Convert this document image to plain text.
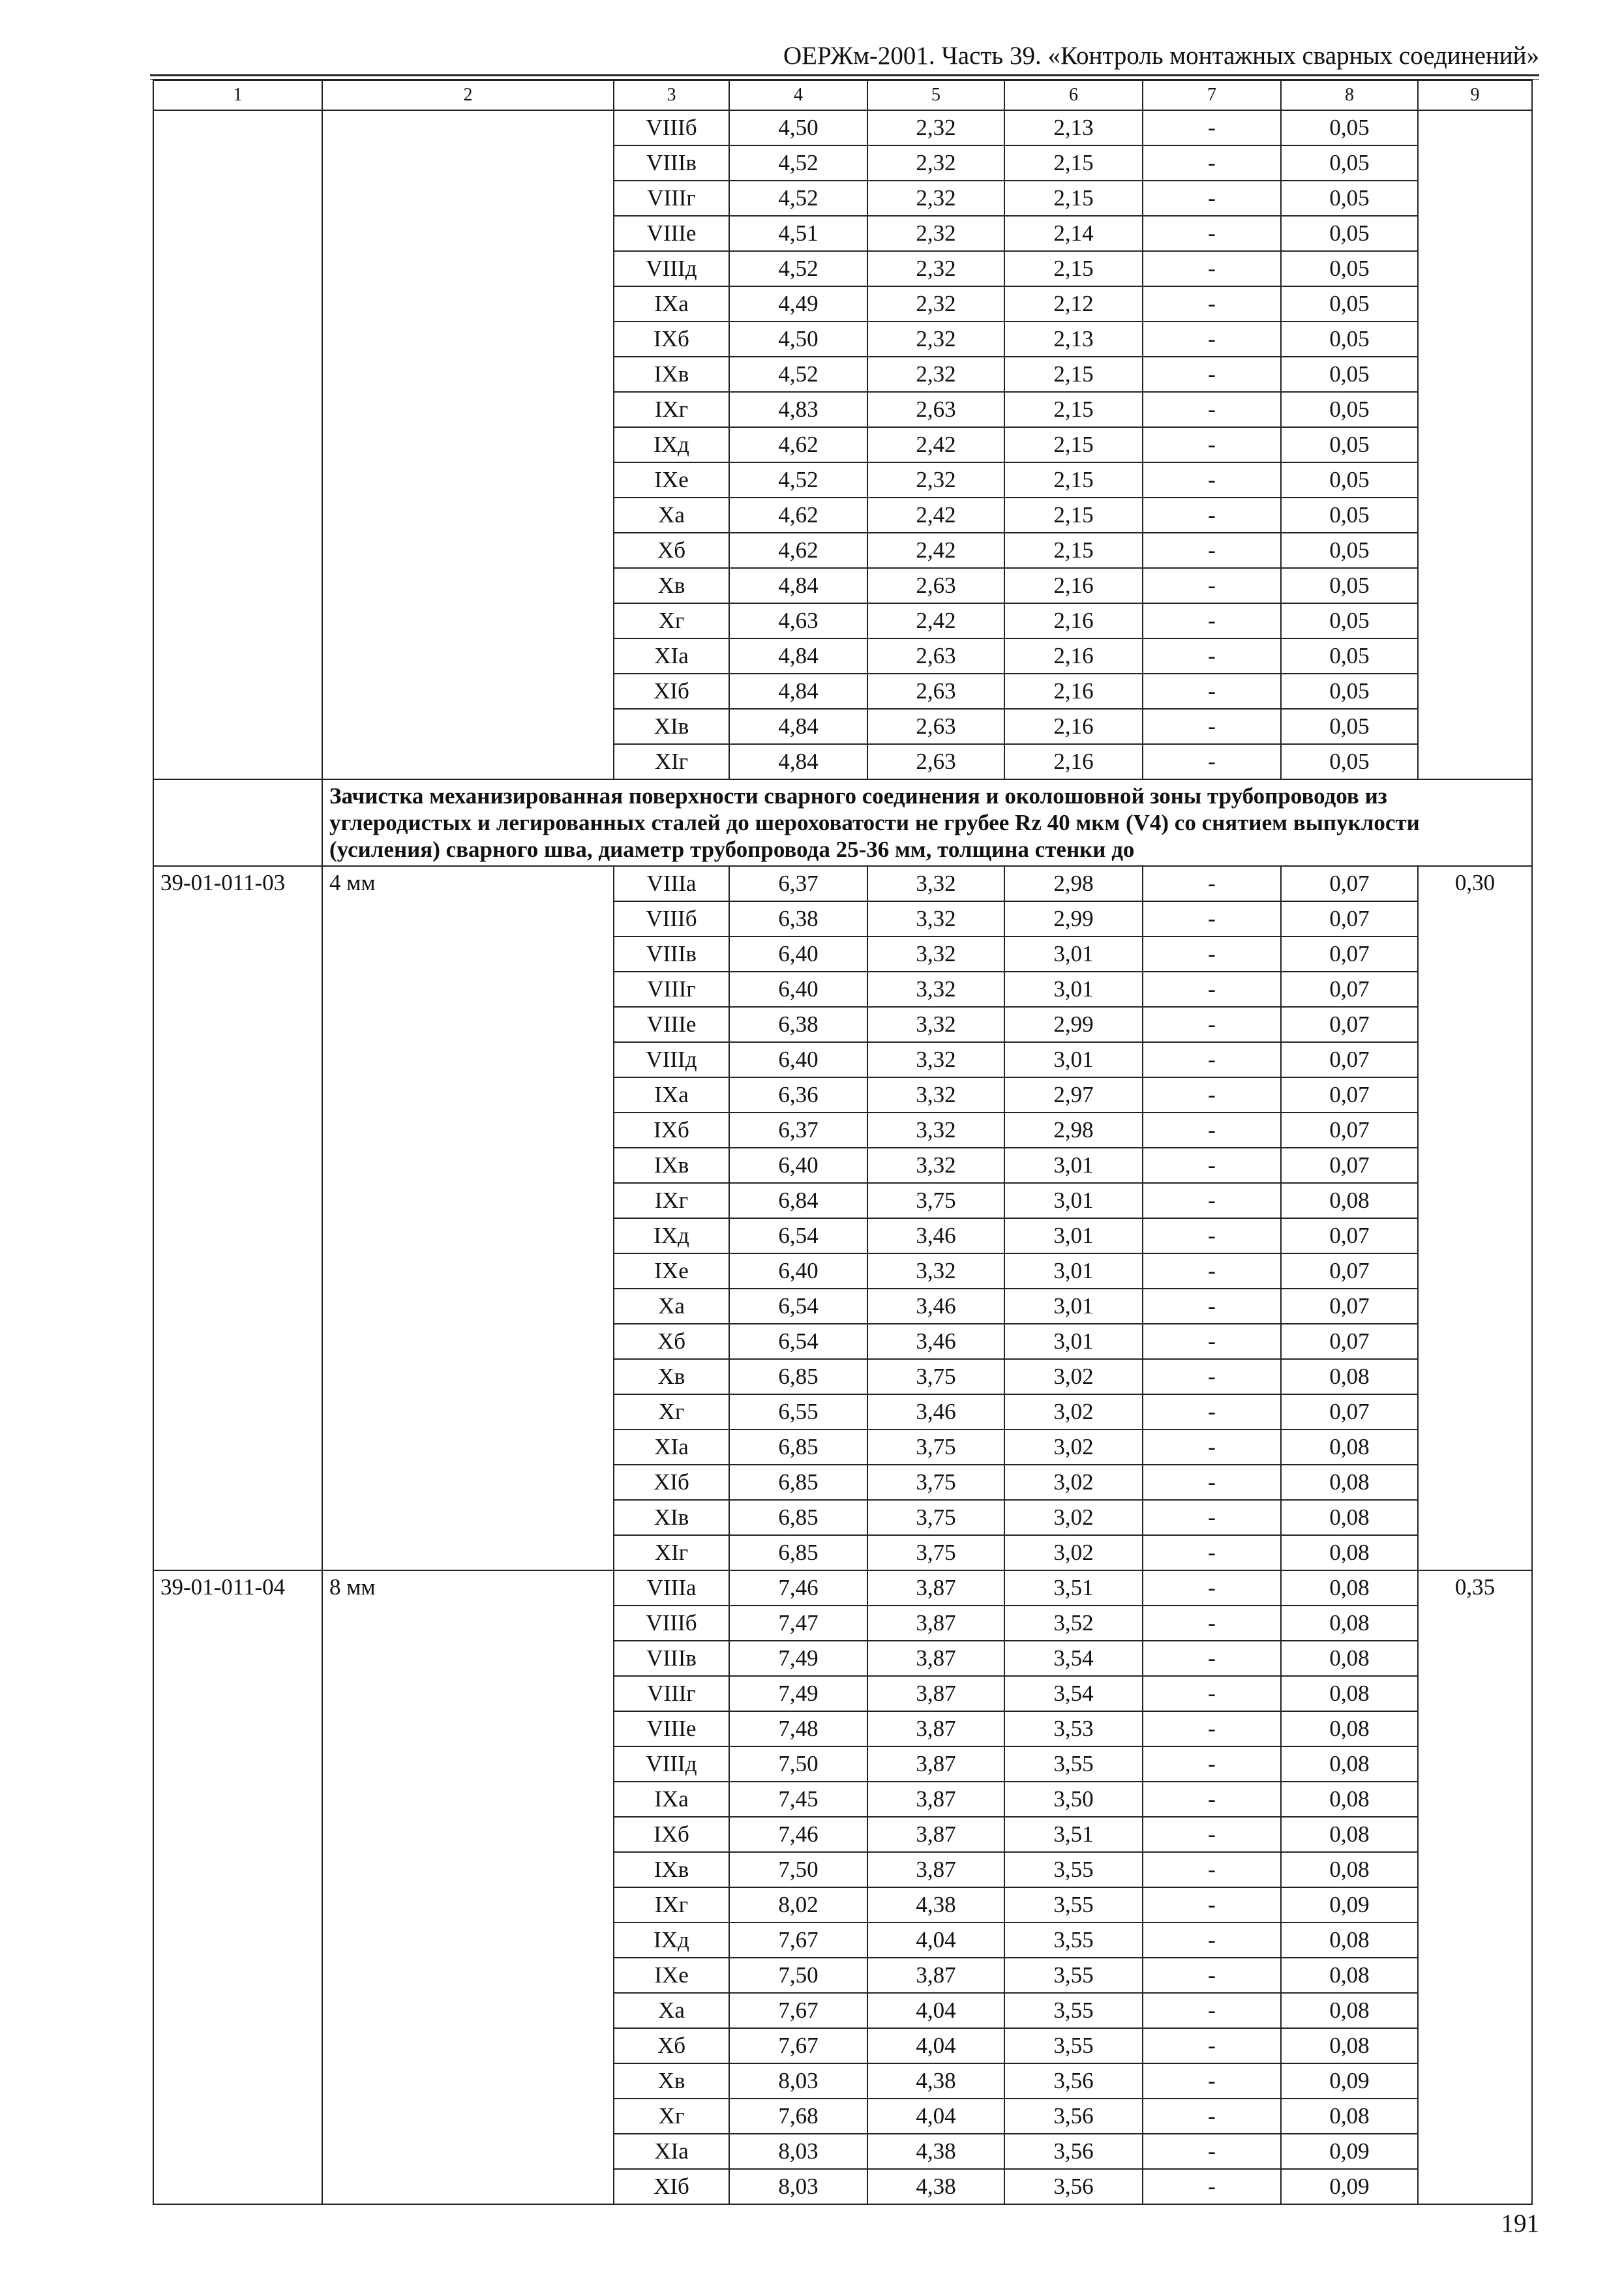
ОЕРЖм-2001. Часть 39. «Контроль монтажных сварных соединений»
1	2	3	4	5	6	7	8	9
		VIIIб	4,50	2,32	2,13	-	0,05	
		VIIIв	4,52	2,32	2,15	-	0,05	
		VIIIг	4,52	2,32	2,15	-	0,05	
		VIIIе	4,51	2,32	2,14	-	0,05	
		VIIIд	4,52	2,32	2,15	-	0,05	
		IXа	4,49	2,32	2,12	-	0,05	
		IXб	4,50	2,32	2,13	-	0,05	
		IXв	4,52	2,32	2,15	-	0,05	
		IXг	4,83	2,63	2,15	-	0,05	
		IXд	4,62	2,42	2,15	-	0,05	
		IXе	4,52	2,32	2,15	-	0,05	
		Xа	4,62	2,42	2,15	-	0,05	
		Xб	4,62	2,42	2,15	-	0,05	
		Xв	4,84	2,63	2,16	-	0,05	
		Xг	4,63	2,42	2,16	-	0,05	
		XIа	4,84	2,63	2,16	-	0,05	
		XIб	4,84	2,63	2,16	-	0,05	
		XIв	4,84	2,63	2,16	-	0,05	
		XIг	4,84	2,63	2,16	-	0,05	
	Зачистка механизированная поверхности сварного соединения и околошовной зоны трубопроводов из углеродистых и легированных сталей до шероховатости не грубее Rz 40 мкм (V4) со снятием выпуклости (усиления) сварного шва, диаметр трубопровода 25-36 мм, толщина стенки до							
39-01-011-03	4 мм	VIIIа	6,37	3,32	2,98	-	0,07	0,30
		VIIIб	6,38	3,32	2,99	-	0,07	
		VIIIв	6,40	3,32	3,01	-	0,07	
		VIIIг	6,40	3,32	3,01	-	0,07	
		VIIIе	6,38	3,32	2,99	-	0,07	
		VIIIд	6,40	3,32	3,01	-	0,07	
		IXа	6,36	3,32	2,97	-	0,07	
		IXб	6,37	3,32	2,98	-	0,07	
		IXв	6,40	3,32	3,01	-	0,07	
		IXг	6,84	3,75	3,01	-	0,08	
		IXд	6,54	3,46	3,01	-	0,07	
		IXе	6,40	3,32	3,01	-	0,07	
		Xа	6,54	3,46	3,01	-	0,07	
		Xб	6,54	3,46	3,01	-	0,07	
		Xв	6,85	3,75	3,02	-	0,08	
		Xг	6,55	3,46	3,02	-	0,07	
		XIа	6,85	3,75	3,02	-	0,08	
		XIб	6,85	3,75	3,02	-	0,08	
		XIв	6,85	3,75	3,02	-	0,08	
		XIг	6,85	3,75	3,02	-	0,08	
39-01-011-04	8 мм	VIIIа	7,46	3,87	3,51	-	0,08	0,35
		VIIIб	7,47	3,87	3,52	-	0,08	
		VIIIв	7,49	3,87	3,54	-	0,08	
		VIIIг	7,49	3,87	3,54	-	0,08	
		VIIIе	7,48	3,87	3,53	-	0,08	
		VIIIд	7,50	3,87	3,55	-	0,08	
		IXа	7,45	3,87	3,50	-	0,08	
		IXб	7,46	3,87	3,51	-	0,08	
		IXв	7,50	3,87	3,55	-	0,08	
		IXг	8,02	4,38	3,55	-	0,09	
		IXд	7,67	4,04	3,55	-	0,08	
		IXе	7,50	3,87	3,55	-	0,08	
		Xа	7,67	4,04	3,55	-	0,08	
		Xб	7,67	4,04	3,55	-	0,08	
		Xв	8,03	4,38	3,56	-	0,09	
		Xг	7,68	4,04	3,56	-	0,08	
		XIа	8,03	4,38	3,56	-	0,09	
		XIб	8,03	4,38	3,56	-	0,09	
191
